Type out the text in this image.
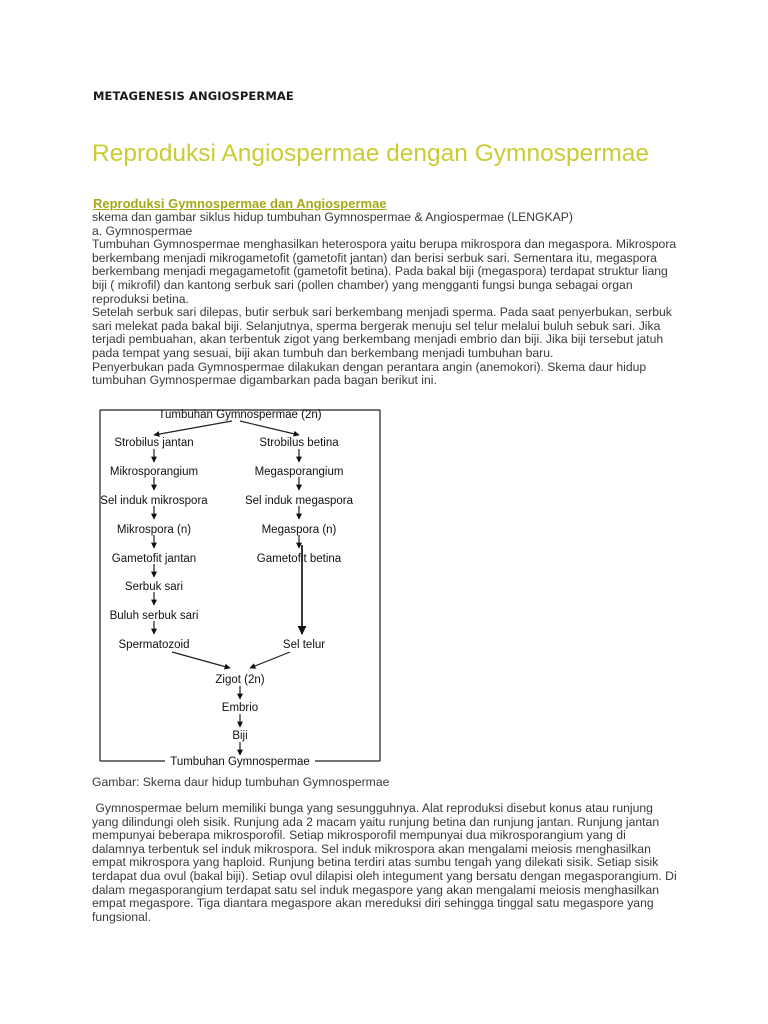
METAGENESIS ANGIOSPERMAE
Reproduksi Angiospermae dengan Gymnospermae
Reproduksi Gymnospermae dan Angiospermae

skema dan gambar siklus hidup tumbuhan Gymnospermae & Angiospermae (LENGKAP)

a. Gymnospermae

Tumbuhan Gymnospermae menghasilkan heterospora yaitu berupa mikrospora dan megaspora. Mikrospora berkembang menjadi mikrogametofit (gametofit jantan) dan berisi serbuk sari. Sementara itu, megaspora berkembang menjadi megagametofit (gametofit betina). Pada bakal biji (megaspora) terdapat struktur liang biji ( mikrofil) dan kantong serbuk sari (pollen chamber) yang mengganti fungsi bunga sebagai organ reproduksi betina.

Setelah serbuk sari dilepas, butir serbuk sari berkembang menjadi sperma. Pada saat penyerbukan, serbuk sari melekat pada bakal biji. Selanjutnya, sperma bergerak menuju sel telur melalui buluh sebuk sari. Jika terjadi pembuahan, akan terbentuk zigot yang berkembang menjadi embrio dan biji. Jika biji tersebut jatuh pada tempat yang sesuai, biji akan tumbuh dan berkembang menjadi tumbuhan baru.

Penyerbukan pada Gymnospermae dilakukan dengan perantara angin (anemokori). Skema daur hidup tumbuhan Gymnospermae digambarkan pada bagan berikut ini.

Tumbuhan Gymnospermae (2n)
Strobilus jantan
Mikrosporangium
Sel induk mikrospora
Mikrospora (n)
Gametofit jantan
Serbuk sari
Buluh serbuk sari
Spermatozoid
Strobilus betina
Megasporangium
Sel induk megaspora
Megaspora (n)
Gametofit betina
Sel telur
Zigot (2n)
Embrio
Biji
Tumbuhan Gymnospermae

Gambar: Skema daur hidup tumbuhan Gymnospermae

Gymnospermae belum memiliki bunga yang sesungguhnya. Alat reproduksi disebut konus atau runjung yang dilindungi oleh sisik. Runjung ada 2 macam yaitu runjung betina dan runjung jantan. Runjung jantan mempunyai beberapa mikrosporofil. Setiap mikrosporofil mempunyai dua mikrosporangium yang di dalamnya terbentuk sel induk mikrospora. Sel induk mikrospora akan mengalami meiosis menghasilkan empat mikrospora yang haploid. Runjung betina terdiri atas sumbu tengah yang dilekati sisik. Setiap sisik terdapat dua ovul (bakal biji). Setiap ovul dilapisi oleh integument yang bersatu dengan megasporangium. Di dalam megasporangium terdapat satu sel induk megaspore yang akan mengalami meiosis menghasilkan empat megaspore. Tiga diantara megaspore akan mereduksi diri sehingga tinggal satu megaspore yang fungsional.
